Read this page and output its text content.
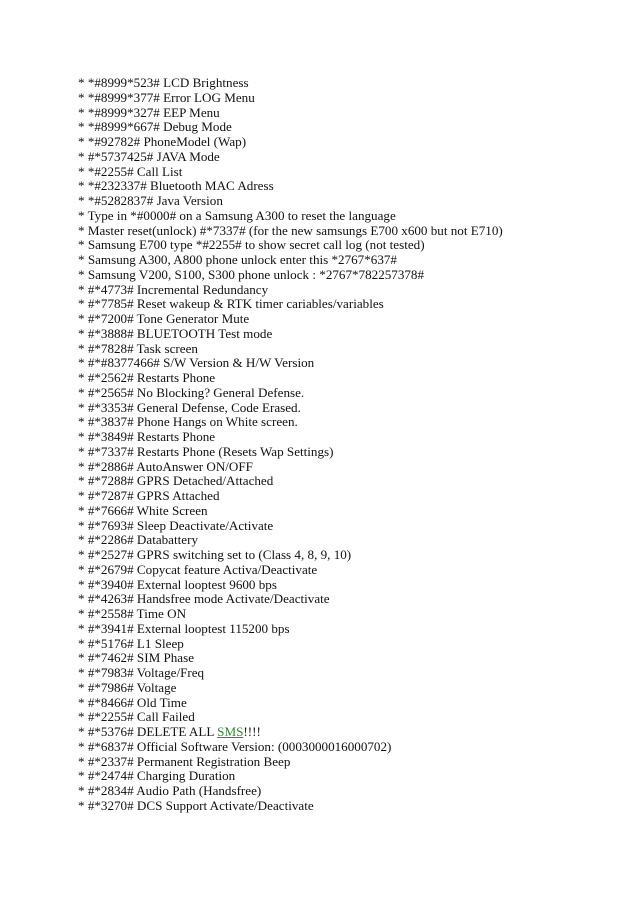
* *#8999*523# LCD Brightness
* *#8999*377# Error LOG Menu
* *#8999*327# EEP Menu
* *#8999*667# Debug Mode
* *#92782# PhoneModel (Wap)
* #*5737425# JAVA Mode
* *#2255# Call List
* *#232337# Bluetooth MAC Adress
* *#5282837# Java Version
* Type in *#0000# on a Samsung A300 to reset the language
* Master reset(unlock) #*7337# (for the new samsungs E700 x600 but not E710)
* Samsung E700 type *#2255# to show secret call log (not tested)
* Samsung A300, A800 phone unlock enter this *2767*637#
* Samsung V200, S100, S300 phone unlock : *2767*782257378#
* #*4773# Incremental Redundancy
* #*7785# Reset wakeup & RTK timer cariables/variables
* #*7200# Tone Generator Mute
* #*3888# BLUETOOTH Test mode
* #*7828# Task screen
* #*#8377466# S/W Version & H/W Version
* #*2562# Restarts Phone
* #*2565# No Blocking? General Defense.
* #*3353# General Defense, Code Erased.
* #*3837# Phone Hangs on White screen.
* #*3849# Restarts Phone
* #*7337# Restarts Phone (Resets Wap Settings)
* #*2886# AutoAnswer ON/OFF
* #*7288# GPRS Detached/Attached
* #*7287# GPRS Attached
* #*7666# White Screen
* #*7693# Sleep Deactivate/Activate
* #*2286# Databattery
* #*2527# GPRS switching set to (Class 4, 8, 9, 10)
* #*2679# Copycat feature Activa/Deactivate
* #*3940# External looptest 9600 bps
* #*4263# Handsfree mode Activate/Deactivate
* #*2558# Time ON
* #*3941# External looptest 115200 bps
* #*5176# L1 Sleep
* #*7462# SIM Phase
* #*7983# Voltage/Freq
* #*7986# Voltage
* #*8466# Old Time
* #*2255# Call Failed
* #*5376# DELETE ALL SMS!!!!
* #*6837# Official Software Version: (0003000016000702)
* #*2337# Permanent Registration Beep
* #*2474# Charging Duration
* #*2834# Audio Path (Handsfree)
* #*3270# DCS Support Activate/Deactivate
